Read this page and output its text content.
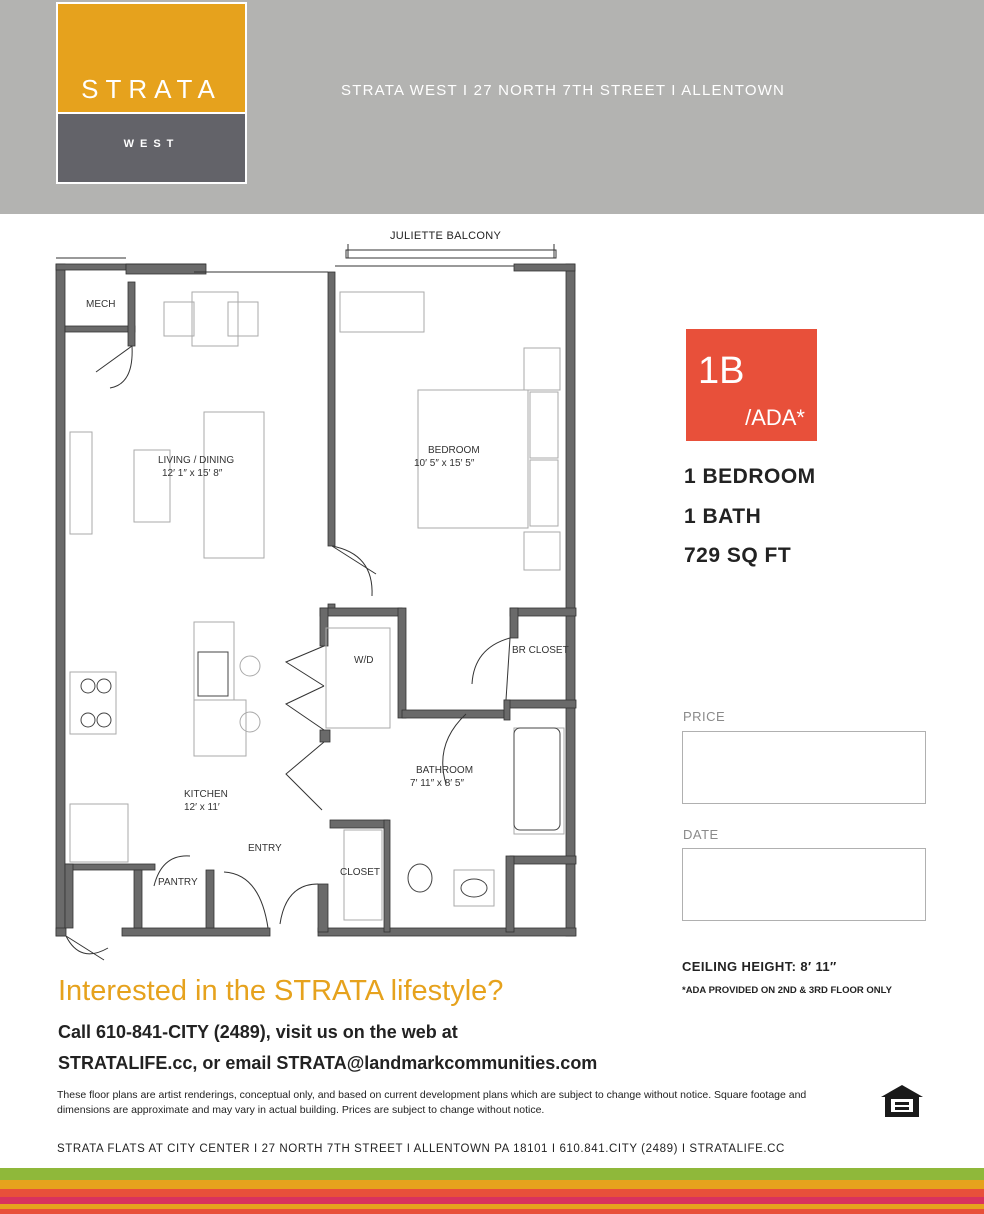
STRATA
WEST
STRATA WEST I 27 NORTH 7TH STREET I ALLENTOWN
JULIETTE BALCONY
MECH
LIVING / DINING
12′ 1″ x 15′ 8″
BEDROOM
10′ 5″ x 15′ 5″
W/D
BR CLOSET
BATHROOM
7′ 11″ x 8′ 5″
KITCHEN
12′ x 11′
ENTRY
CLOSET
PANTRY
1B
/ADA*
1 BEDROOM
1 BATH
729 SQ FT
PRICE
DATE
CEILING HEIGHT: 8′ 11″
*ADA PROVIDED ON 2ND & 3RD FLOOR ONLY
Interested in the STRATA lifestyle?
Call 610-841-CITY (2489), visit us on the web at
STRATALIFE.cc, or email STRATA@landmarkcommunities.com
These floor plans are artist renderings, conceptual only, and based on current development plans which are subject to change without notice. Square footage and dimensions are approximate and may vary in actual building. Prices are subject to change without notice.
STRATA FLATS AT CITY CENTER I 27 NORTH 7TH STREET I ALLENTOWN PA 18101 I 610.841.CITY (2489) I STRATALIFE.CC
